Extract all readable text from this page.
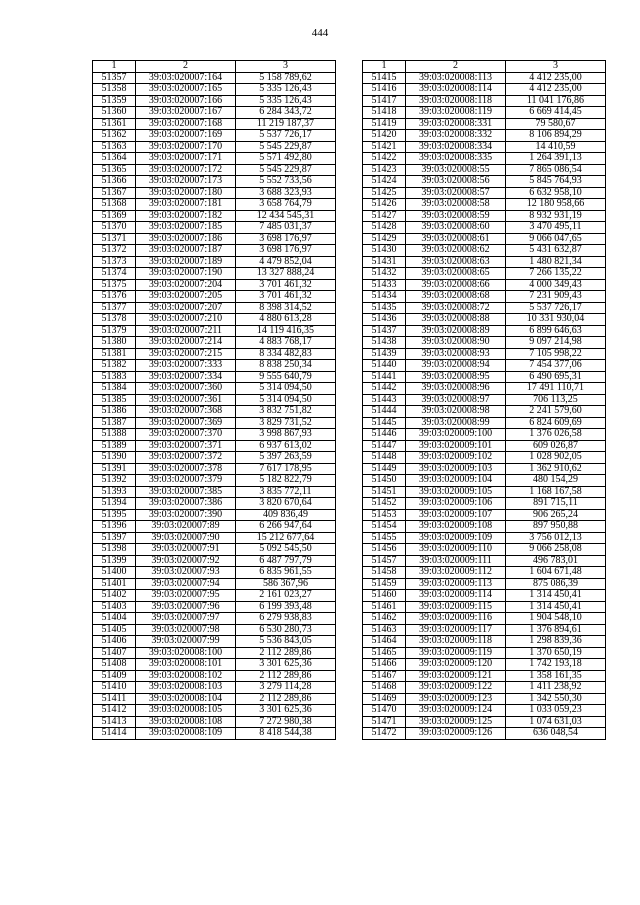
444
1	2	3
51357	39:03:020007:164	5 158 789,62
51358	39:03:020007:165	5 335 126,43
51359	39:03:020007:166	5 335 126,43
51360	39:03:020007:167	6 284 343,72
51361	39:03:020007:168	11 219 187,37
51362	39:03:020007:169	5 537 726,17
51363	39:03:020007:170	5 545 229,87
51364	39:03:020007:171	5 571 492,80
51365	39:03:020007:172	5 545 229,87
51366	39:03:020007:173	5 552 733,56
51367	39:03:020007:180	3 688 323,93
51368	39:03:020007:181	3 658 764,79
51369	39:03:020007:182	12 434 545,31
51370	39:03:020007:185	7 485 031,37
51371	39:03:020007:186	3 698 176,97
51372	39:03:020007:187	3 698 176,97
51373	39:03:020007:189	4 479 852,04
51374	39:03:020007:190	13 327 888,24
51375	39:03:020007:204	3 701 461,32
51376	39:03:020007:205	3 701 461,32
51377	39:03:020007:207	8 398 314,52
51378	39:03:020007:210	4 880 613,28
51379	39:03:020007:211	14 119 416,35
51380	39:03:020007:214	4 883 768,17
51381	39:03:020007:215	8 334 482,83
51382	39:03:020007:333	8 838 250,34
51383	39:03:020007:334	9 555 640,79
51384	39:03:020007:360	5 314 094,50
51385	39:03:020007:361	5 314 094,50
51386	39:03:020007:368	3 832 751,82
51387	39:03:020007:369	3 829 731,52
51388	39:03:020007:370	3 998 867,93
51389	39:03:020007:371	6 937 613,02
51390	39:03:020007:372	5 397 263,59
51391	39:03:020007:378	7 617 178,95
51392	39:03:020007:379	5 182 822,79
51393	39:03:020007:385	3 835 772,11
51394	39:03:020007:386	3 820 670,64
51395	39:03:020007:390	409 836,49
51396	39:03:020007:89	6 266 947,64
51397	39:03:020007:90	15 212 677,64
51398	39:03:020007:91	5 092 545,50
51399	39:03:020007:92	6 487 797,79
51400	39:03:020007:93	6 835 961,55
51401	39:03:020007:94	586 367,96
51402	39:03:020007:95	2 161 023,27
51403	39:03:020007:96	6 199 393,48
51404	39:03:020007:97	6 279 938,83
51405	39:03:020007:98	6 530 280,73
51406	39:03:020007:99	5 536 843,05
51407	39:03:020008:100	2 112 289,86
51408	39:03:020008:101	3 301 625,36
51409	39:03:020008:102	2 112 289,86
51410	39:03:020008:103	3 279 114,28
51411	39:03:020008:104	2 112 289,86
51412	39:03:020008:105	3 301 625,36
51413	39:03:020008:108	7 272 980,38
51414	39:03:020008:109	8 418 544,38
1	2	3
51415	39:03:020008:113	4 412 235,00
51416	39:03:020008:114	4 412 235,00
51417	39:03:020008:118	11 041 176,86
51418	39:03:020008:119	6 669 414,45
51419	39:03:020008:331	79 580,67
51420	39:03:020008:332	8 106 894,29
51421	39:03:020008:334	14 410,59
51422	39:03:020008:335	1 264 391,13
51423	39:03:020008:55	7 865 086,54
51424	39:03:020008:56	5 845 764,93
51425	39:03:020008:57	6 632 958,10
51426	39:03:020008:58	12 180 958,66
51427	39:03:020008:59	8 932 931,19
51428	39:03:020008:60	3 470 495,11
51429	39:03:020008:61	9 066 047,65
51430	39:03:020008:62	5 431 632,87
51431	39:03:020008:63	1 480 821,34
51432	39:03:020008:65	7 266 135,22
51433	39:03:020008:66	4 000 349,43
51434	39:03:020008:68	7 231 909,43
51435	39:03:020008:72	5 537 726,17
51436	39:03:020008:88	10 331 930,04
51437	39:03:020008:89	6 899 646,63
51438	39:03:020008:90	9 097 214,98
51439	39:03:020008:93	7 105 998,22
51440	39:03:020008:94	7 454 377,06
51441	39:03:020008:95	6 490 695,31
51442	39:03:020008:96	17 491 110,71
51443	39:03:020008:97	706 113,25
51444	39:03:020008:98	2 241 579,60
51445	39:03:020008:99	6 824 609,69
51446	39:03:020009:100	1 376 026,58
51447	39:03:020009:101	609 026,87
51448	39:03:020009:102	1 028 902,05
51449	39:03:020009:103	1 362 910,62
51450	39:03:020009:104	480 154,29
51451	39:03:020009:105	1 168 167,58
51452	39:03:020009:106	891 715,11
51453	39:03:020009:107	906 265,24
51454	39:03:020009:108	897 950,88
51455	39:03:020009:109	3 756 012,13
51456	39:03:020009:110	9 066 258,08
51457	39:03:020009:111	496 783,01
51458	39:03:020009:112	1 604 671,48
51459	39:03:020009:113	875 086,39
51460	39:03:020009:114	1 314 450,41
51461	39:03:020009:115	1 314 450,41
51462	39:03:020009:116	1 904 548,10
51463	39:03:020009:117	1 376 894,61
51464	39:03:020009:118	1 298 839,36
51465	39:03:020009:119	1 370 650,19
51466	39:03:020009:120	1 742 193,18
51467	39:03:020009:121	1 358 161,35
51468	39:03:020009:122	1 411 238,92
51469	39:03:020009:123	1 342 550,30
51470	39:03:020009:124	1 033 059,23
51471	39:03:020009:125	1 074 631,03
51472	39:03:020009:126	636 048,54
